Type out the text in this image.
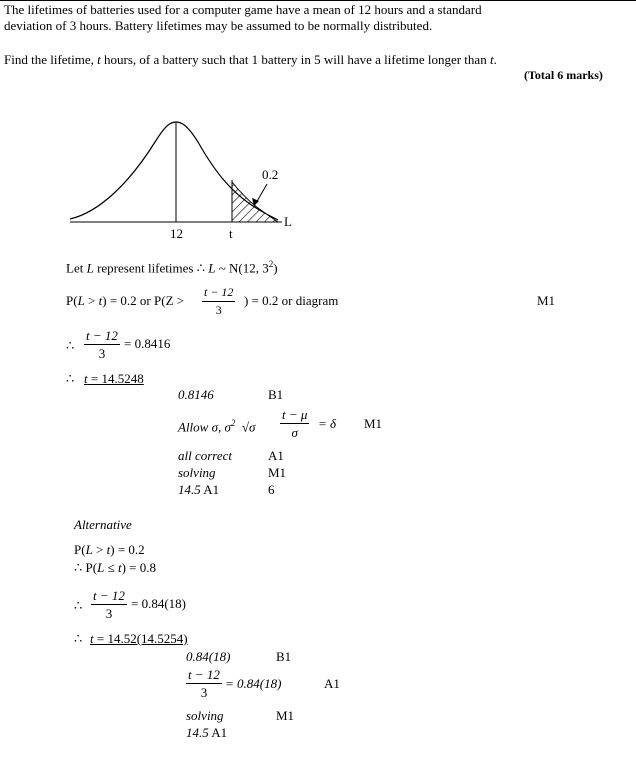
The lifetimes of batteries used for a computer game have a mean of 12 hours and a standard
deviation of 3 hours. Battery lifetimes may be assumed to be normally distributed.
Find the lifetime, t hours, of a battery such that 1 battery in 5 will have a lifetime longer than t.
(Total 6 marks)
0.2
L
12	t
Let L represent lifetimes ∴ L ~ N(12, $3^2$)
P(L > t) = 0.2 or $P(Z > \frac{t - 12}{3}$ ) = 0.2 or diagram	M1
∴ $\frac{t - 12}{3} = 0.8416$
∴ t = 14.5248
0.8146	B1
Allow σ, $\sigma^2$ $√\sigma \frac{t - \mu}{\sigma} = \delta$ M1
all correct	A1
solving	M1
14.5 A1	6
Alternative
P(L > t) = 0.2
∴ P(L ≤ t) = 0.8
∴ $\frac{t - 12}{3} = 0.84(18)$
∴ t = 14.52(14.5254)
0.84(18)	B1
$\frac{t - 12}{3} = 0.84(18)$	A1
solving	M1
14.5 A1
